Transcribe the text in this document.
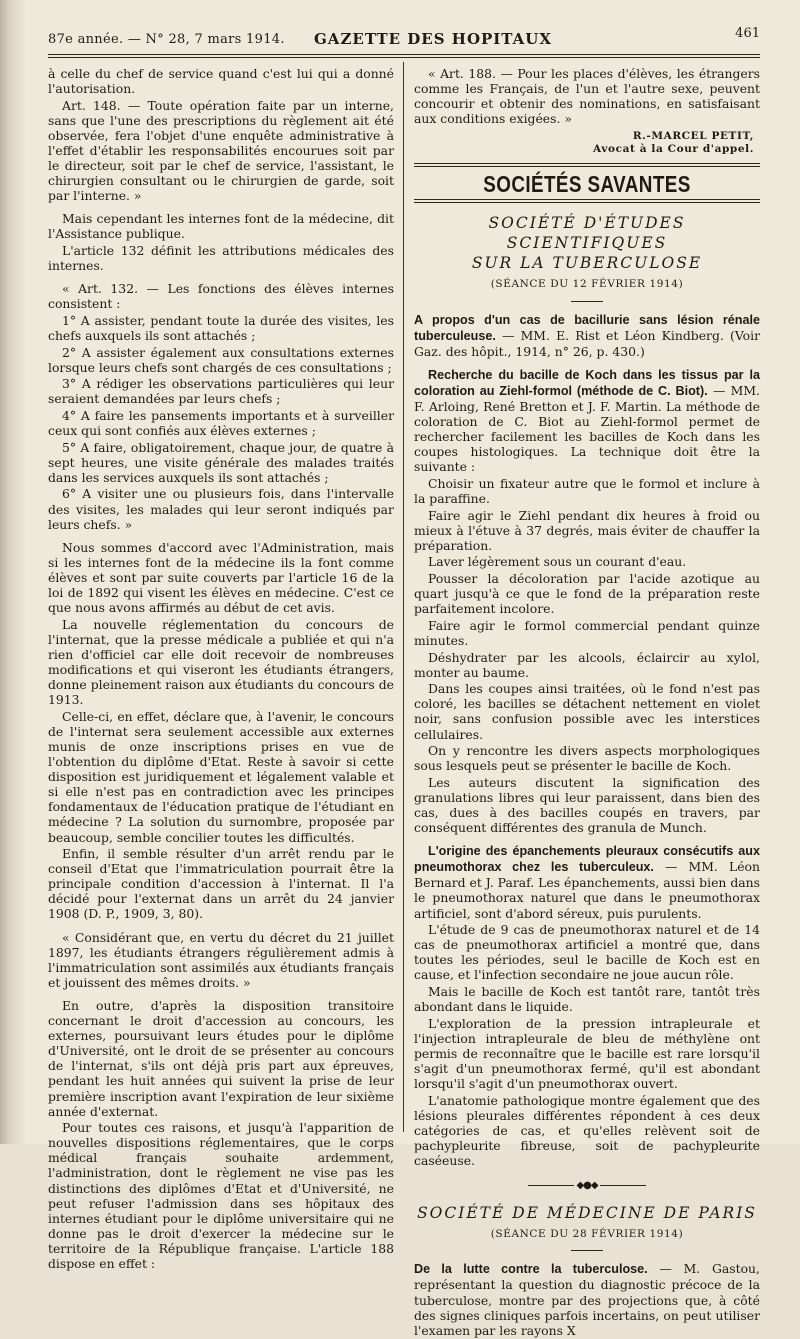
87e année. — N° 28, 7 mars 1914. GAZETTE DES HOPITAUX	461

à celle du chef de service quand c'est lui qui a donné l'autorisation.

Art. 148. — Toute opération faite par un interne, sans que l'une des prescriptions du règlement ait été observée, fera l'objet d'une enquête administrative à l'effet d'établir les responsabilités encourues soit par le directeur, soit par le chef de service, l'assistant, le chirurgien consultant ou le chirurgien de garde, soit par l'interne. »

Mais cependant les internes font de la médecine, dit l'Assistance publique.

L'article 132 définit les attributions médicales des internes.

« Art. 132. — Les fonctions des élèves internes consistent :

1° A assister, pendant toute la durée des visites, les chefs auxquels ils sont attachés ;

2° A assister également aux consultations externes lorsque leurs chefs sont chargés de ces consultations ;

3° A rédiger les observations particulières qui leur seraient demandées par leurs chefs ;

4° A faire les pansements importants et à surveiller ceux qui sont confiés aux élèves externes ;

5° A faire, obligatoirement, chaque jour, de quatre à sept heures, une visite générale des malades traités dans les services auxquels ils sont attachés ;

6° A visiter une ou plusieurs fois, dans l'intervalle des visites, les malades qui leur seront indiqués par leurs chefs. »

Nous sommes d'accord avec l'Administration, mais si les internes font de la médecine ils la font comme élèves et sont par suite couverts par l'article 16 de la loi de 1892 qui visent les élèves en médecine. C'est ce que nous avons affirmés au début de cet avis.

La nouvelle réglementation du concours de l'internat, que la presse médicale a publiée et qui n'a rien d'officiel car elle doit recevoir de nombreuses modifications et qui viseront les étudiants étrangers, donne pleinement raison aux étudiants du concours de 1913.

Celle-ci, en effet, déclare que, à l'avenir, le concours de l'internat sera seulement accessible aux externes munis de onze inscriptions prises en vue de l'obtention du diplôme d'Etat. Reste à savoir si cette disposition est juridiquement et légalement valable et si elle n'est pas en contradiction avec les principes fondamentaux de l'éducation pratique de l'étudiant en médecine ? La solution du surnombre, proposée par beaucoup, semble concilier toutes les difficultés.

Enfin, il semble résulter d'un arrêt rendu par le conseil d'Etat que l'immatriculation pourrait être la principale condition d'accession à l'internat. Il l'a décidé pour l'externat dans un arrêt du 24 janvier 1908 (D. P., 1909, 3, 80).

« Considérant que, en vertu du décret du 21 juillet 1897, les étudiants étrangers régulièrement admis à l'immatriculation sont assimilés aux étudiants français et jouissent des mêmes droits. »

En outre, d'après la disposition transitoire concernant le droit d'accession au concours, les externes, poursuivant leurs études pour le diplôme d'Université, ont le droit de se présenter au concours de l'internat, s'ils ont déjà pris part aux épreuves, pendant les huit années qui suivent la prise de leur première inscription avant l'expiration de leur sixième année d'externat.

Pour toutes ces raisons, et jusqu'à l'apparition de nouvelles dispositions réglementaires, que le corps médical français souhaite ardemment, l'administration, dont le règlement ne vise pas les distinctions des diplômes d'Etat et d'Université, ne peut refuser l'admission dans ses hôpitaux des internes étudiant pour le diplôme universitaire qui ne donne pas le droit d'exercer la médecine sur le territoire de la République française. L'article 188 dispose en effet :

« Art. 188. — Pour les places d'élèves, les étrangers comme les Français, de l'un et l'autre sexe, peuvent concourir et obtenir des nominations, en satisfaisant aux conditions exigées. »

R.-MARCEL PETIT,
Avocat à la Cour d'appel.
SOCIÉTÉS SAVANTES
SOCIÉTÉ D'ÉTUDES SCIENTIFIQUES
SUR LA TUBERCULOSE
(SÉANCE DU 12 FÉVRIER 1914)

A propos d'un cas de bacillurie sans lésion rénale tuberculeuse. — MM. E. Rist et Léon Kindberg. (Voir Gaz. des hôpit., 1914, n° 26, p. 430.)

Recherche du bacille de Koch dans les tissus par la coloration au Ziehl-formol (méthode de C. Biot). — MM. F. Arloing, René Bretton et J. F. Martin. La méthode de coloration de C. Biot au Ziehl-formol permet de rechercher facilement les bacilles de Koch dans les coupes histologiques. La technique doit être la suivante :

Choisir un fixateur autre que le formol et inclure à la paraffine.

Faire agir le Ziehl pendant dix heures à froid ou mieux à l'étuve à 37 degrés, mais éviter de chauffer la préparation.

Laver légèrement sous un courant d'eau.

Pousser la décoloration par l'acide azotique au quart jusqu'à ce que le fond de la préparation reste parfaitement incolore.

Faire agir le formol commercial pendant quinze minutes.

Déshydrater par les alcools, éclaircir au xylol, monter au baume.

Dans les coupes ainsi traitées, où le fond n'est pas coloré, les bacilles se détachent nettement en violet noir, sans confusion possible avec les interstices cellulaires.

On y rencontre les divers aspects morphologiques sous lesquels peut se présenter le bacille de Koch.

Les auteurs discutent la signification des granulations libres qui leur paraissent, dans bien des cas, dues à des bacilles coupés en travers, par conséquent différentes des granula de Munch.

L'origine des épanchements pleuraux consécutifs aux pneumothorax chez les tuberculeux. — MM. Léon Bernard et J. Paraf. Les épanchements, aussi bien dans le pneumothorax naturel que dans le pneumothorax artificiel, sont d'abord séreux, puis purulents.

L'étude de 9 cas de pneumothorax naturel et de 14 cas de pneumothorax artificiel a montré que, dans toutes les périodes, seul le bacille de Koch est en cause, et l'infection secondaire ne joue aucun rôle.

Mais le bacille de Koch est tantôt rare, tantôt très abondant dans le liquide.

L'exploration de la pression intrapleurale et l'injection intrapleurale de bleu de méthylène ont permis de reconnaître que le bacille est rare lorsqu'il s'agit d'un pneumothorax fermé, qu'il est abondant lorsqu'il s'agit d'un pneumothorax ouvert.

L'anatomie pathologique montre également que des lésions pleurales différentes répondent à ces deux catégories de cas, et qu'elles relèvent soit de pachypleurite fibreuse, soit de pachypleurite caséeuse.

◆●◆
SOCIÉTÉ DE MÉDECINE DE PARIS
(SÉANCE DU 28 FÉVRIER 1914)

De la lutte contre la tuberculose. — M. Gastou, représentant la question du diagnostic précoce de la tuberculose, montre par des projections que, à côté des signes cliniques parfois incertains, on peut utiliser l'examen par les rayons X
